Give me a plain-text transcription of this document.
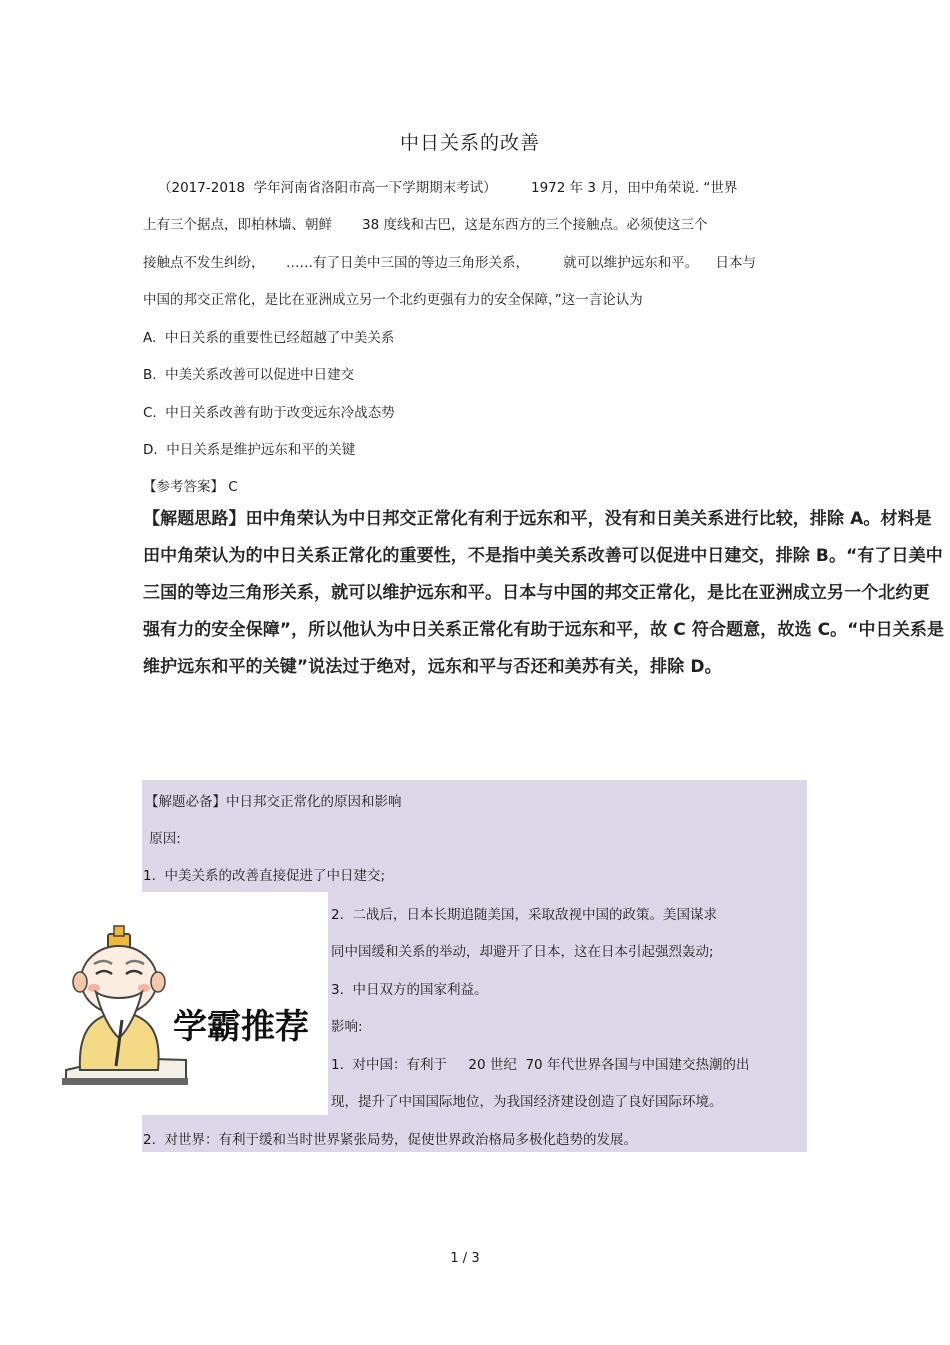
中日关系的改善
（2017-2018  学年河南省洛阳市高一下学期期末考试）        1972 年 3 月，田中角荣说. “世界
上有三个据点，即柏林墙、朝鲜       38 度线和古巴，这是东西方的三个接触点。必须使这三个
接触点不发生纠纷，     ……有了日美中三国的等边三角形关系，        就可以维护远东和平。    日本与
中国的邦交正常化，是比在亚洲成立另一个北约更强有力的安全保障，”这一言论认为
A.  中日关系的重要性已经超越了中美关系
B.  中美关系改善可以促进中日建交
C.  中日关系改善有助于改变远东冷战态势
D.  中日关系是维护远东和平的关键
【参考答案】 C
【解题思路】田中角荣认为中日邦交正常化有利于远东和平，没有和日美关系进行比较，排除 A。材料是
田中角荣认为的中日关系正常化的重要性，不是指中美关系改善可以促进中日建交，排除 B。“有了日美中
三国的等边三角形关系，就可以维护远东和平。日本与中国的邦交正常化，是比在亚洲成立另一个北约更
强有力的安全保障”，所以他认为中日关系正常化有助于远东和平，故 C 符合题意，故选 C。“中日关系是
维护远东和平的关键”说法过于绝对，远东和平与否还和美苏有关，排除 D。
【解题必备】中日邦交正常化的原因和影响
原因:
1.  中美关系的改善直接促进了中日建交;
2.  二战后，日本长期追随美国，采取敌视中国的政策。美国谋求
同中国缓和关系的举动，却避开了日本，这在日本引起强烈轰动;
3.  中日双方的国家利益。
影响:
1.  对中国：有利于     20 世纪  70 年代世界各国与中国建交热潮的出
现，提升了中国国际地位，为我国经济建设创造了良好国际环境。
2.  对世界：有利于缓和当时世界紧张局势，促使世界政治格局多极化趋势的发展。
学霸推荐
1 / 3
